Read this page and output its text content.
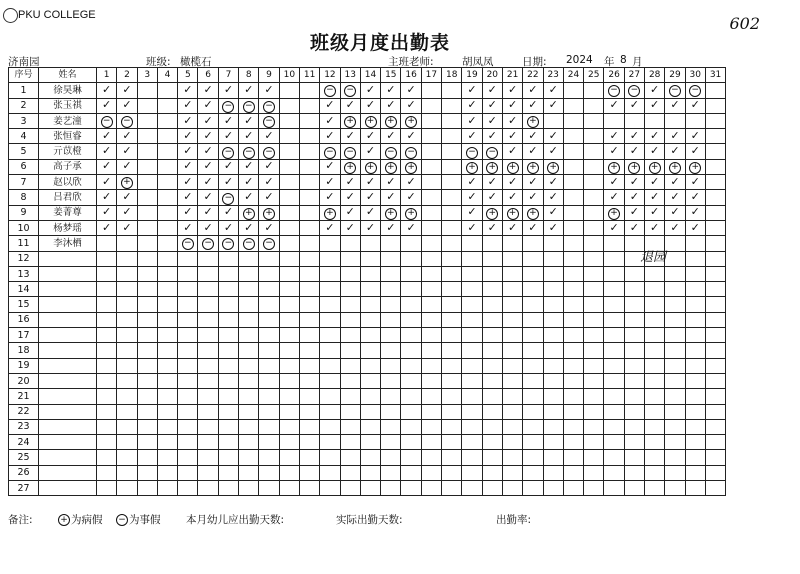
PKU COLLEGE	602
班级月度出勤表
济南园	班级: 橄榄石	主班老师:	胡凤凤	日期: 2024 年 8 月
序号	姓名	1	2	3	4	5	6	7	8	9	10	11	12	13	14	15	16	17	18	19	20	21	22	23	24	25	26	27	28	29	30	31
1	徐昊琳	✓	✓			✓	✓	✓	✓	✓			−	−	✓	✓	✓			✓	✓	✓	✓	✓			−	−	✓	−	−	
2	张玉祺	✓	✓			✓	✓	−	−	−			✓	✓	✓	✓	✓			✓	✓	✓	✓	✓			✓	✓	✓	✓	✓	
3	姜艺潼	−	−			✓	✓	✓	✓	−			✓	+	+	+	+			✓	✓	✓	+									
4	张恒睿	✓	✓			✓	✓	✓	✓	✓			✓	✓	✓	✓	✓			✓	✓	✓	✓	✓			✓	✓	✓	✓	✓	
5	亓苡橙	✓	✓			✓	✓	−	−	−			−	−	✓	−	−			−	−	✓	✓	✓			✓	✓	✓	✓	✓	
6	高子承	✓	✓			✓	✓	✓	✓	✓			✓	+	+	+	+			+	+	+	+	+			+	+	+	+	+	
7	赵以欣	✓	+			✓	✓	✓	✓	✓			✓	✓	✓	✓	✓			✓	✓	✓	✓	✓			✓	✓	✓	✓	✓	
8	吕君欣	✓	✓			✓	✓	−	✓	✓			✓	✓	✓	✓	✓			✓	✓	✓	✓	✓			✓	✓	✓	✓	✓	
9	姜菁尊	✓	✓			✓	✓	✓	+	+			+	✓	✓	+	+			✓	+	+	+	✓			+	✓	✓	✓	✓	
10	杨梦瑶	✓	✓			✓	✓	✓	✓	✓			✓	✓	✓	✓	✓			✓	✓	✓	✓	✓			✓	✓	✓	✓	✓	
11	李沐栖					−	−	−	−	−																						
12																																
13																																
14																																
15																																
16																																
17																																
18																																
19																																
20																																
21																																
22																																
23																																
24																																
25																																
26																																
27																																
退园
备注:	+ 为病假 − 为事假 本月幼儿应出勤天数:	实际出勤天数:	出勤率:
